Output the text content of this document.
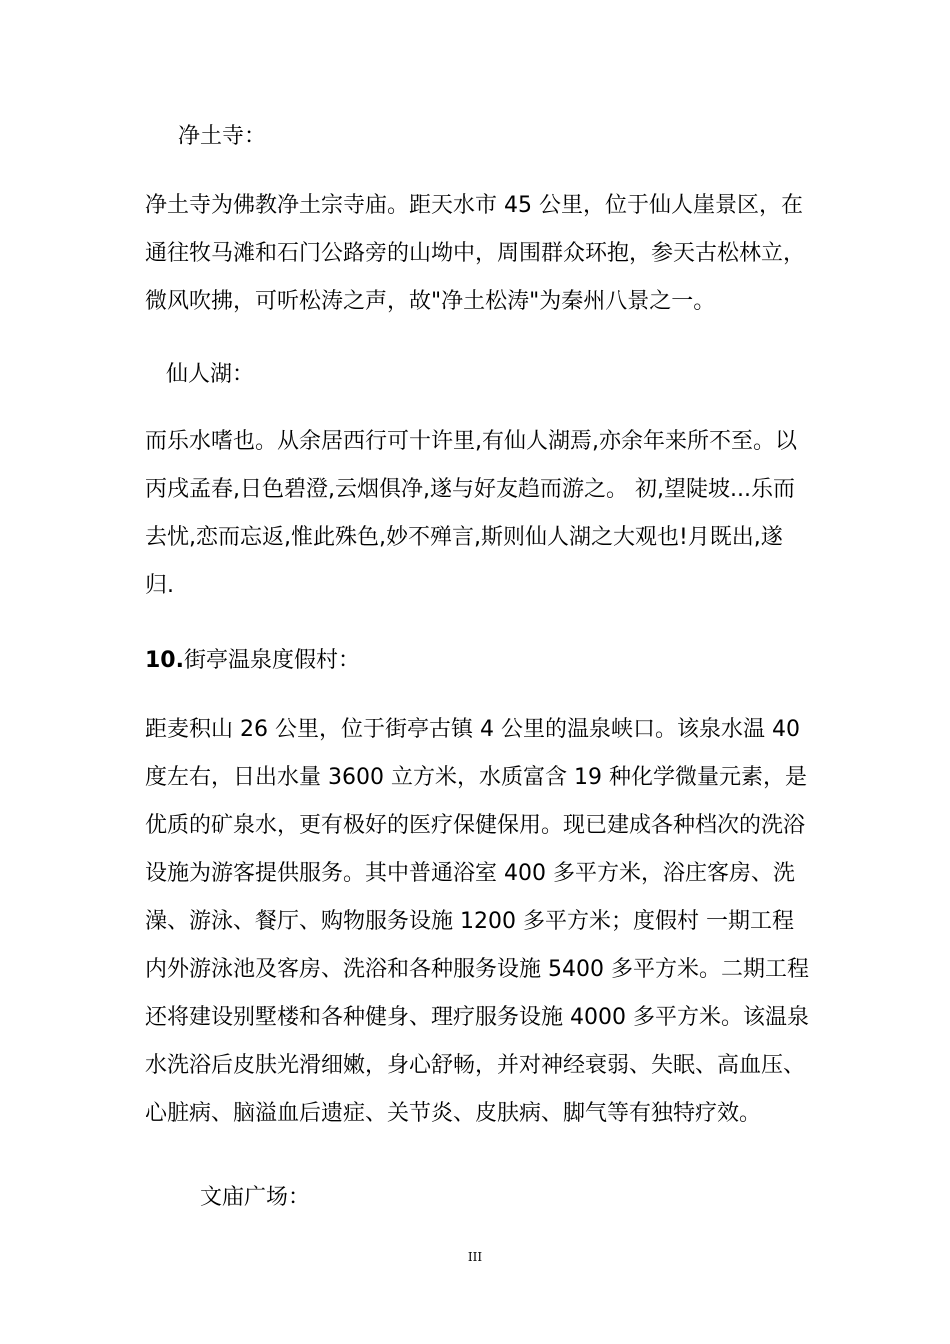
净土寺：
净土寺为佛教净土宗寺庙。距天水市 45 公里，位于仙人崖景区，在
通往牧马滩和石门公路旁的山坳中，周围群众环抱，参天古松林立，
微风吹拂，可听松涛之声，故"净土松涛"为秦州八景之一。
仙人湖：
而乐水嗜也。从余居西行可十许里,有仙人湖焉,亦余年来所不至。以
丙戌孟春,日色碧澄,云烟俱净,遂与好友趋而游之。 初,望陡坡...乐而
去忧,恋而忘返,惟此殊色,妙不殚言,斯则仙人湖之大观也!月既出,遂
归.
10.街亭温泉度假村：
距麦积山 26 公里，位于街亭古镇 4 公里的温泉峡口。该泉水温 40
度左右，日出水量 3600 立方米，水质富含 19 种化学微量元素，是
优质的矿泉水，更有极好的医疗保健保用。现已建成各种档次的洗浴
设施为游客提供服务。其中普通浴室 400 多平方米，浴庄客房、洗
澡、游泳、餐厅、购物服务设施 1200 多平方米；度假村 一期工程
内外游泳池及客房、洗浴和各种服务设施 5400 多平方米。二期工程
还将建设别墅楼和各种健身、理疗服务设施 4000 多平方米。该温泉
水洗浴后皮肤光滑细嫩，身心舒畅，并对神经衰弱、失眠、高血压、
心脏病、脑溢血后遗症、关节炎、皮肤病、脚气等有独特疗效。
文庙广场：
III
